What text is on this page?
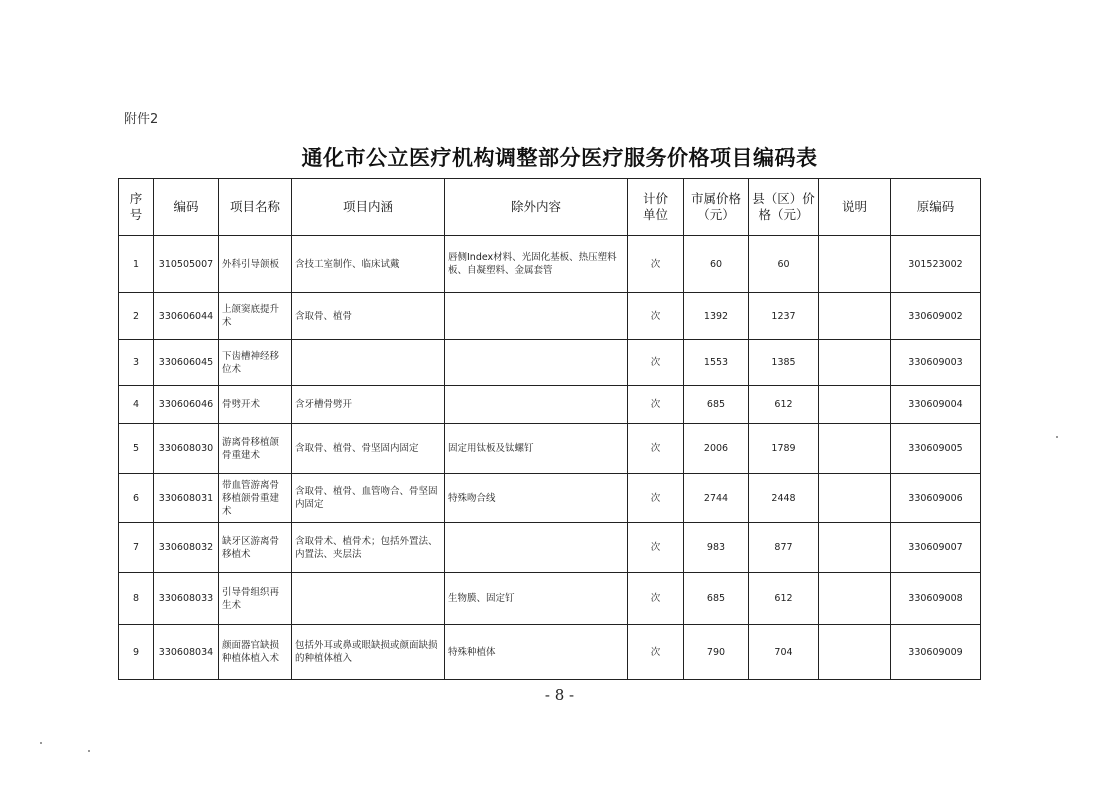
附件2
通化市公立医疗机构调整部分医疗服务价格项目编码表
序号	编码	项目名称	项目内涵	除外内容	计价单位	市属价格（元）	县（区）价格（元）	说明	原编码
1	310505007	外科引导颌板	含技工室制作、临床试戴	唇侧Index材料、光固化基板、热压塑料板、自凝塑料、金属套管	次	60	60		301523002
2	330606044	上颌窦底提升术	含取骨、植骨		次	1392	1237		330609002
3	330606045	下齿槽神经移位术			次	1553	1385		330609003
4	330606046	骨劈开术	含牙槽骨劈开		次	685	612		330609004
5	330608030	游离骨移植颌骨重建术	含取骨、植骨、骨坚固内固定	固定用钛板及钛螺钉	次	2006	1789		330609005
6	330608031	带血管游离骨移植颌骨重建术	含取骨、植骨、血管吻合、骨坚固内固定	特殊吻合线	次	2744	2448		330609006
7	330608032	缺牙区游离骨移植术	含取骨术、植骨术；包括外置法、内置法、夹层法		次	983	877		330609007
8	330608033	引导骨组织再生术		生物膜、固定钉	次	685	612		330609008
9	330608034	颜面器官缺损种植体植入术	包括外耳或鼻或眼缺损或颜面缺损的种植体植入	特殊种植体	次	790	704		330609009
- 8 -
